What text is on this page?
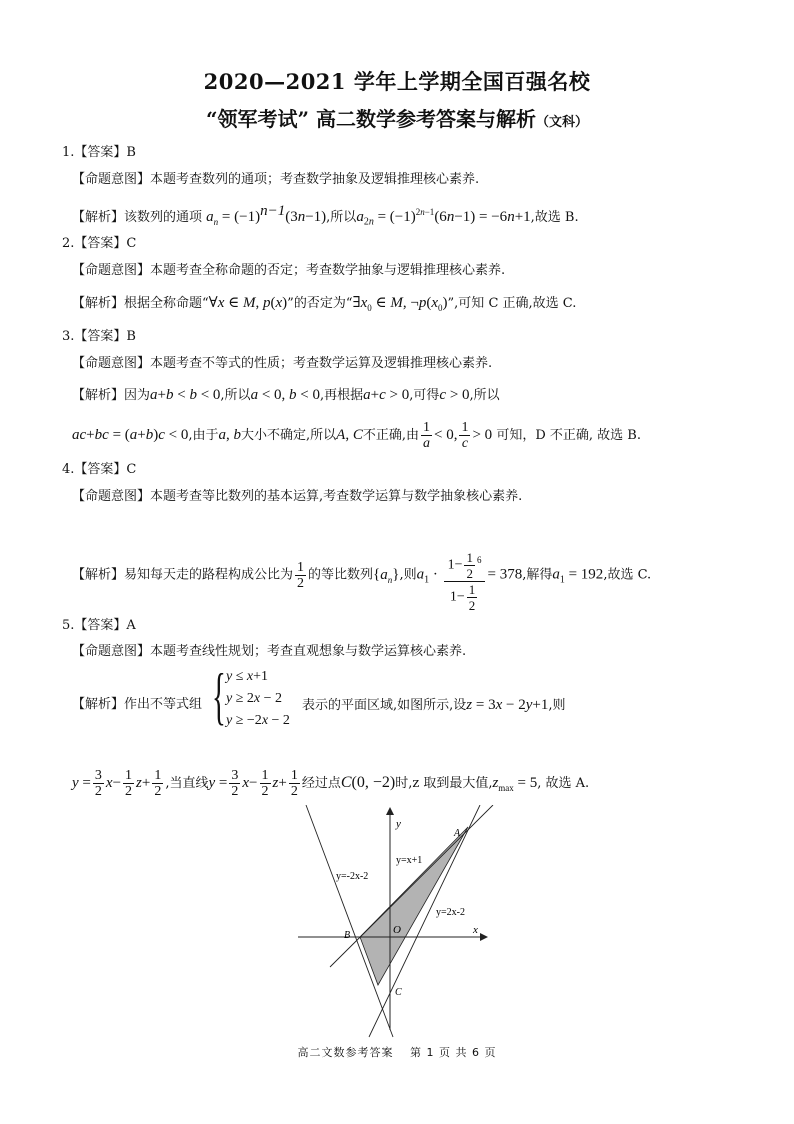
2020—2021 学年上学期全国百强名校
“领军考试” 高二数学参考答案与解析（文科）
1.【答案】B
【命题意图】本题考查数列的通项；考查数学抽象及逻辑推理核心素养.
【解析】该数列的通项 $a_n = (-1)^{n-1}(3n-1)$,所以$a_{2n} = (-1)^{2n-1}(6n-1) = -6n+1$,故选 B.
2.【答案】C
【命题意图】本题考查全称命题的否定；考查数学抽象与逻辑推理核心素养.
【解析】根据全称命题“∀x ∈ M, p(x)”的否定为“$\exists x_0$ ∈ M, $\neg p(x_0)$”,可知 C 正确,故选 C.
3.【答案】B
【命题意图】本题考查不等式的性质；考查数学运算及逻辑推理核心素养.
【解析】因为a+b < b < 0,所以a < 0, b < 0,再根据a+c > 0,可得c > 0,所以
ac+bc = (a+b)c < 0,由于a, b大小不确定,所以A, C不正确,由 $\frac{1}{a} < 0$, $\frac{1}{c} > 0$ 可知，D 不正确, 故选 B.
4.【答案】C
【命题意图】本题考查等比数列的基本运算,考查数学运算与数学抽象核心素养.
【解析】易知每天走的路程构成公比为 $\frac{1}{2}$ 的等比数列$\{a_n\}$,则$a_1 \cdot \frac{1- \frac{1}{2} ^6}{1- \frac{1}{2}} = 378$,解得$a_1 = 192$,故选 C.
5.【答案】A
【命题意图】本题考查线性规划；考查直观想象与数学运算核心素养.
【解析】作出不等式组 { y ≤ x+1
y ≥ 2x − 2
y ≥ −2x − 2
表示的平面区域,如图所示,设z = 3x − 2y+1,则
$y = \frac{3}{2} x- \frac{1}{2} z+ \frac{1}{2}$ ,当直线$y = \frac{3}{2} x- \frac{1}{2} z+ \frac{1}{2}$ 经过点C(0, −2)时,z 取到最大值$,z_{max} = 5$, 故选 A.
x
y
O
A
B
C
y=x+1
y=2x-2
y=-2x-2
高二文数参考答案　 第 1 页 共 6 页
